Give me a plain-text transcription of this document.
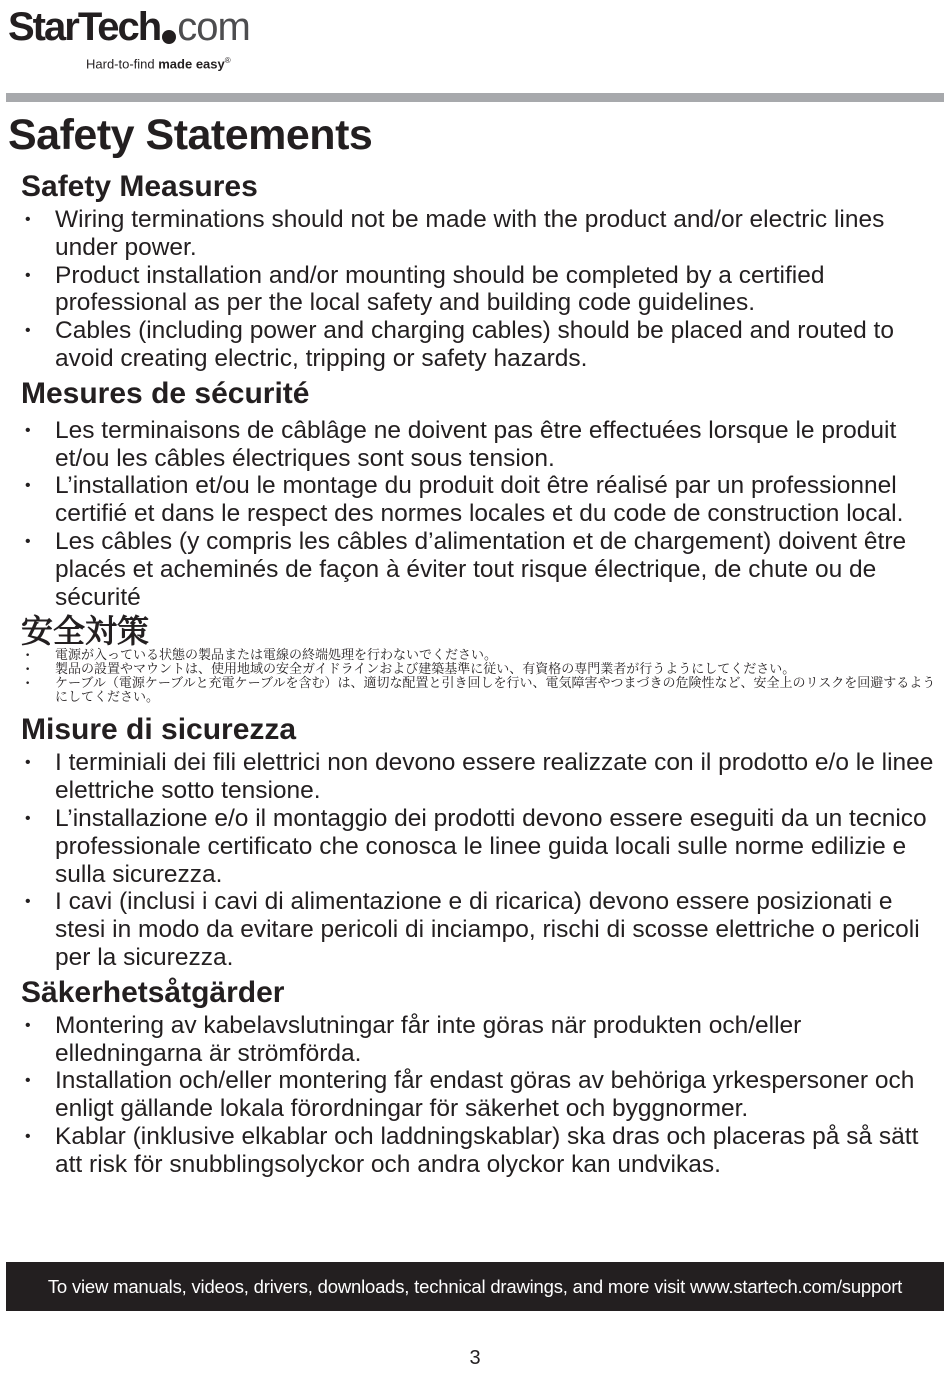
StarTech com
Hard-to-find made easy®
Safety Statements
Safety Measures
• Wiring terminations should not be made with the product and/or electric lines under power.
• Product installation and/or mounting should be completed by a certified professional as per the local safety and building code guidelines.
• Cables (including power and charging cables) should be placed and routed to avoid creating electric, tripping or safety hazards.
Mesures de sécurité
• Les terminaisons de câblâge ne doivent pas être effectuées lorsque le produit et/ou les câbles électriques sont sous tension.
• L’installation et/ou le montage du produit doit être réalisé par un professionnel certifié et dans le respect des normes locales et du code de construction local.
• Les câbles (y compris les câbles d’alimentation et de chargement) doivent être placés et acheminés de façon à éviter tout risque électrique, de chute ou de sécurité
安全対策
• 電源が入っている状態の製品または電線の終端処理を行わないでください。
• 製品の設置やマウントは、使用地域の安全ガイドラインおよび建築基準に従い、有資格の専門業者が行うようにしてください。
• ケーブル（電源ケーブルと充電ケーブルを含む）は、適切な配置と引き回しを行い、電気障害やつまづきの危険性など、安全上のリスクを回避するようにしてください。
Misure di sicurezza
• I terminiali dei fili elettrici non devono essere realizzate con il prodotto e/o le linee elettriche sotto tensione.
• L’installazione e/o il montaggio dei prodotti devono essere eseguiti da un tecnico professionale certificato che conosca le linee guida locali sulle norme edilizie e sulla sicurezza.
• I cavi (inclusi i cavi di alimentazione e di ricarica) devono essere posizionati e stesi in modo da evitare pericoli di inciampo, rischi di scosse elettriche o pericoli per la sicurezza.
Säkerhetsåtgärder
• Montering av kabelavslutningar får inte göras när produkten och/eller elledningarna är strömförda.
• Installation och/eller montering får endast göras av behöriga yrkespersoner och enligt gällande lokala förordningar för säkerhet och byggnormer.
• Kablar (inklusive elkablar och laddningskablar) ska dras och placeras på så sätt att risk för snubblingsolyckor och andra olyckor kan undvikas.
To view manuals, videos, drivers, downloads, technical drawings, and more visit www.startech.com/support
3
